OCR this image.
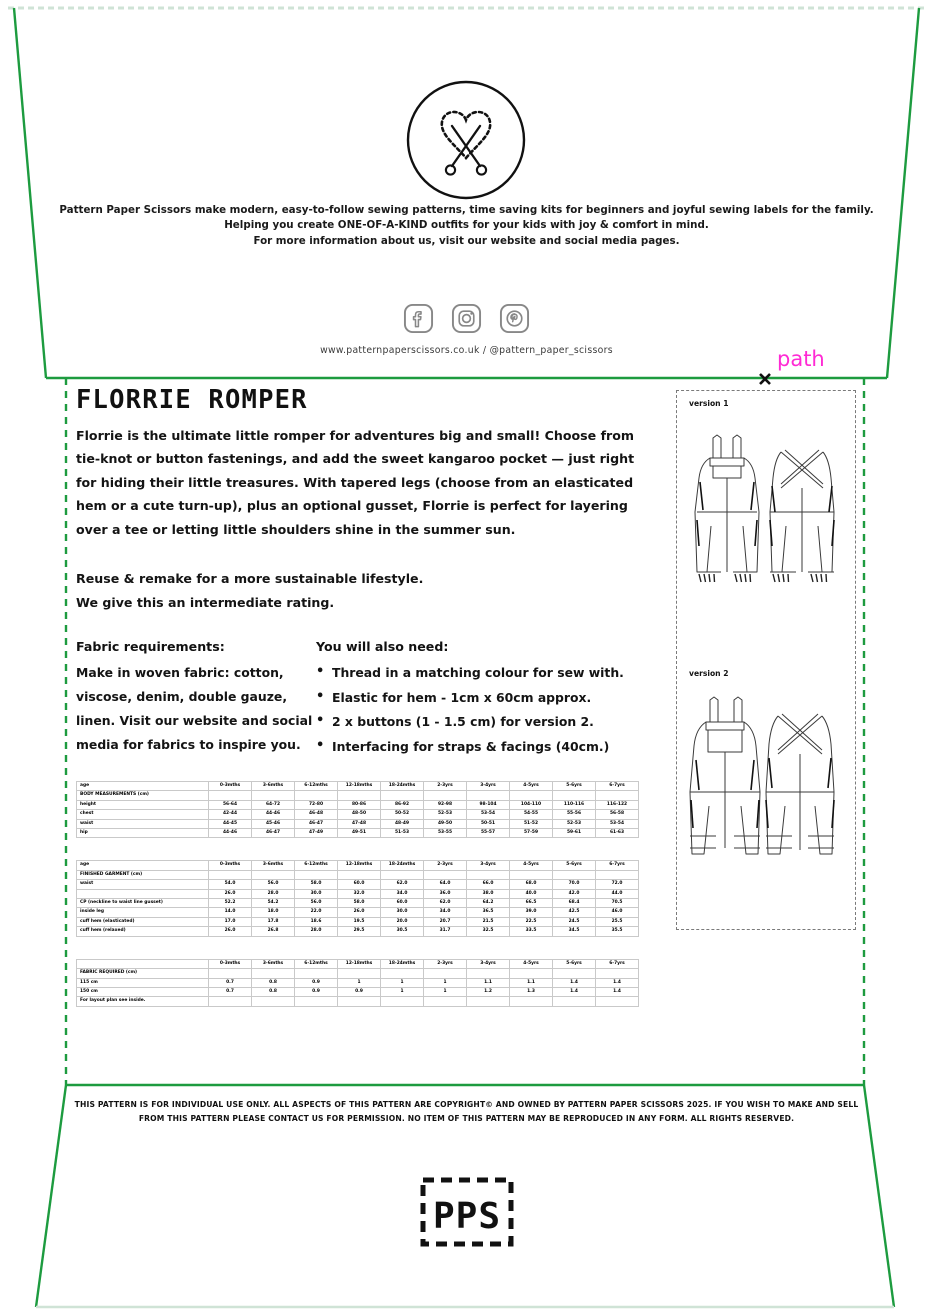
path
Pattern Paper Scissors make modern, easy-to-follow sewing patterns, time saving kits for beginners and joyful sewing labels for the family.
Helping you create ONE-OF-A-KIND outfits for your kids with joy & comfort in mind.
For more information about us, visit our website and social media pages.
www.patternpaperscissors.co.uk / @pattern_paper_scissors
FLORRIE ROMPER

Florrie is the ultimate little romper for adventures big and small! Choose from tie-knot or button fastenings, and add the sweet kangaroo pocket — just right for hiding their little treasures. With tapered legs (choose from an elasticated hem or a cute turn-up), plus an optional gusset, Florrie is perfect for layering over a tee or letting little shoulders shine in the summer sun.

Reuse & remake for a more sustainable lifestyle.
We give this an intermediate rating.
Fabric requirements:
Make in woven fabric: cotton, viscose, denim, double gauze, linen. Visit our website and social media for fabrics to inspire you.
You will also need:
• Thread in a matching colour for sew with.
• Elastic for hem - 1cm x 60cm approx.
• 2 x buttons (1 - 1.5 cm) for version 2.
• Interfacing for straps & facings (40cm.)
age	0-3mths	3-6mths	6-12mths	12-18mths	18-24mths	2-3yrs	3-4yrs	4-5yrs	5-6yrs	6-7yrs
BODY MEASUREMENTS (cm)										
height	56-64	64-72	72-80	80-86	86-92	92-98	98-104	104-110	110-116	116-122
chest	42-44	44-46	46-48	48-50	50-52	52-53	53-54	54-55	55-56	56-58
waist	44-45	45-46	46-47	47-48	48-49	49-50	50-51	51-52	52-53	53-54
hip	44-46	46-47	47-49	49-51	51-53	53-55	55-57	57-59	59-61	61-63
age	0-3mths	3-6mths	6-12mths	12-18mths	18-24mths	2-3yrs	3-4yrs	4-5yrs	5-6yrs	6-7yrs
FINISHED GARMENT (cm)										
waist	54.0	56.0	58.0	60.0	62.0	64.0	66.0	68.0	70.0	72.0
	26.0	28.0	30.0	32.0	34.0	36.0	38.0	40.0	42.0	44.0
CP (neckline to waist line gusset)	52.2	54.2	56.0	58.0	60.0	62.0	64.2	66.5	68.4	70.5
inside leg	14.0	18.0	22.0	26.0	30.0	34.0	36.5	39.0	42.5	46.0
cuff hem (elasticated)	17.0	17.8	18.6	19.5	20.0	20.7	21.5	22.5	24.5	25.5
cuff hem (relaxed)	26.0	26.8	28.0	29.5	30.5	31.7	32.5	33.5	34.5	35.5
	0-3mths	3-6mths	6-12mths	12-18mths	18-24mths	2-3yrs	3-4yrs	4-5yrs	5-6yrs	6-7yrs
FABRIC REQUIRED (cm)										
115 cm	0.7	0.8	0.9	1	1	1	1.1	1.1	1.4	1.4
150 cm	0.7	0.8	0.9	0.9	1	1	1.2	1.3	1.4	1.4
For layout plan see inside.										
version 1
version 2
THIS PATTERN IS FOR INDIVIDUAL USE ONLY. ALL ASPECTS OF THIS PATTERN ARE COPYRIGHT© AND OWNED BY PATTERN PAPER SCISSORS 2025. IF YOU WISH TO MAKE AND SELL
FROM THIS PATTERN PLEASE CONTACT US FOR PERMISSION. NO ITEM OF THIS PATTERN MAY BE REPRODUCED IN ANY FORM. ALL RIGHTS RESERVED.
PPS
